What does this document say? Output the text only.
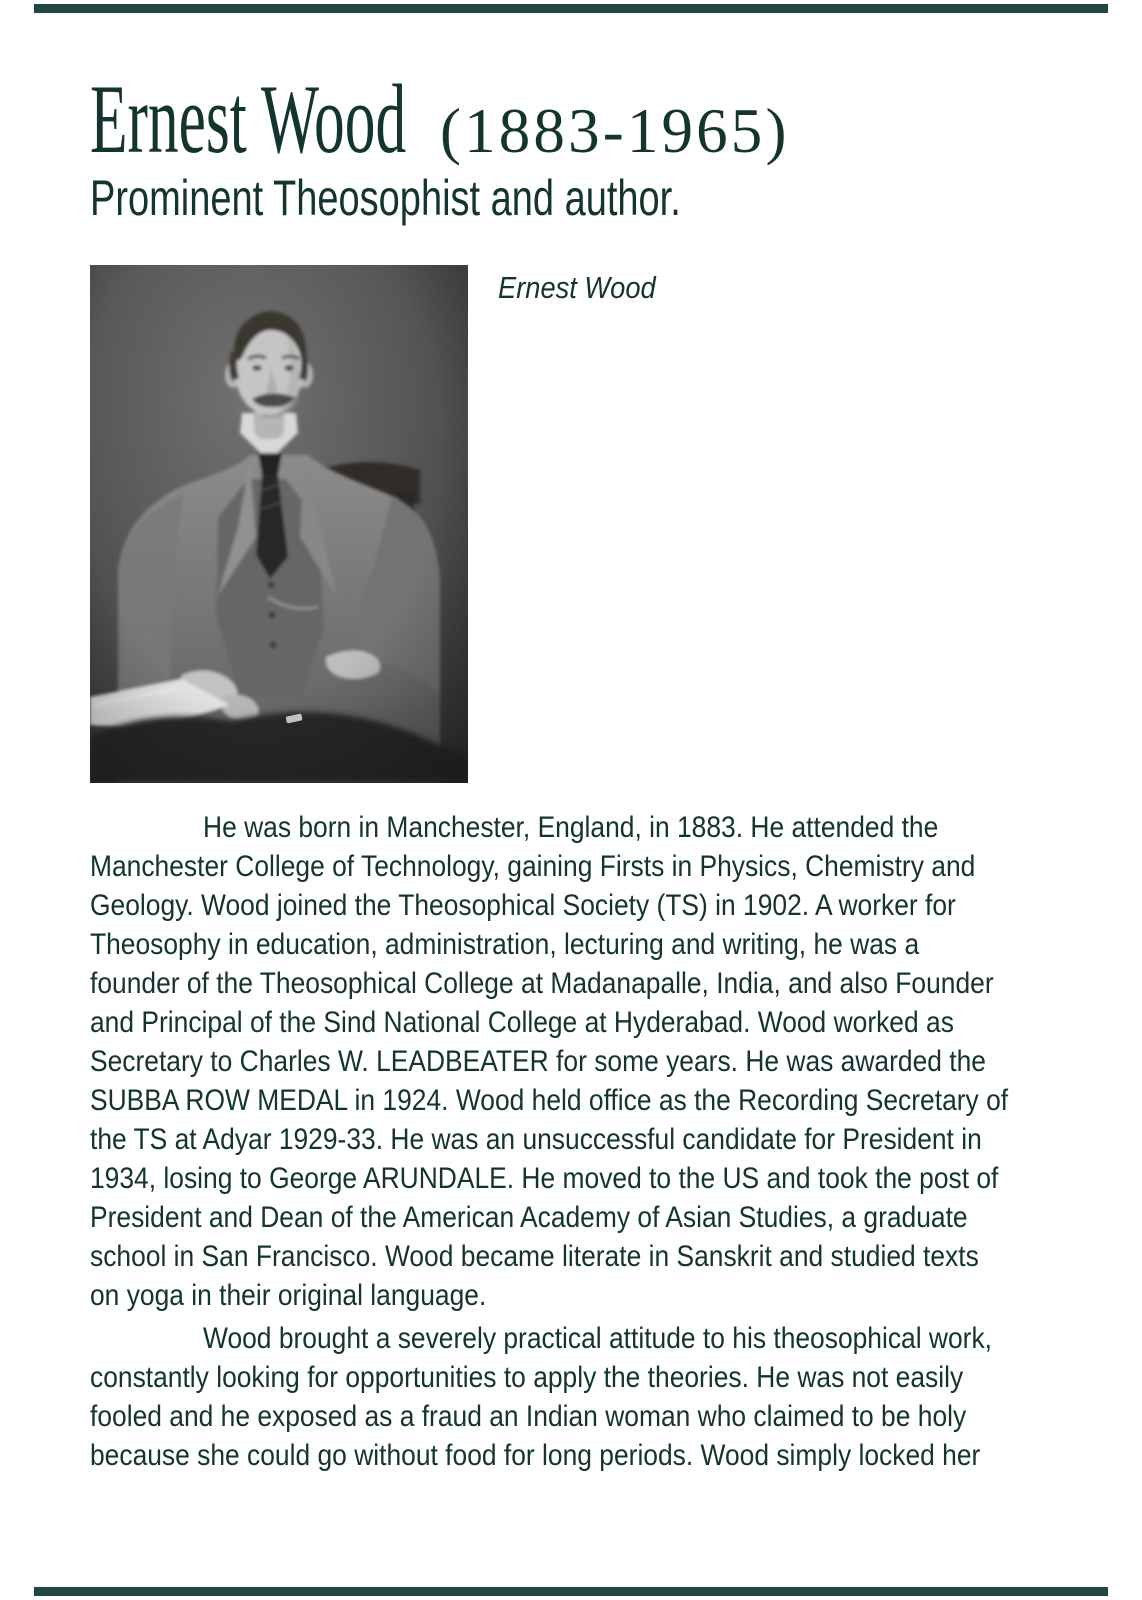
Ernest Wood (1883-1965)
Prominent Theosophist and author.
Ernest Wood
He was born in Manchester, England, in 1883. He attended the
Manchester College of Technology, gaining Firsts in Physics, Chemistry and
Geology. Wood joined the Theosophical Society (TS) in 1902. A worker for
Theosophy in education, administration, lecturing and writing, he was a
founder of the Theosophical College at Madanapalle, India, and also Founder
and Principal of the Sind National College at Hyderabad. Wood worked as
Secretary to Charles W. LEADBEATER for some years. He was awarded the
SUBBA ROW MEDAL in 1924. Wood held office as the Recording Secretary of
the TS at Adyar 1929-33. He was an unsuccessful candidate for President in
1934, losing to George ARUNDALE. He moved to the US and took the post of
President and Dean of the American Academy of Asian Studies, a graduate
school in San Francisco. Wood became literate in Sanskrit and studied texts
on yoga in their original language.
Wood brought a severely practical attitude to his theosophical work,
constantly looking for opportunities to apply the theories. He was not easily
fooled and he exposed as a fraud an Indian woman who claimed to be holy
because she could go without food for long periods. Wood simply locked her
